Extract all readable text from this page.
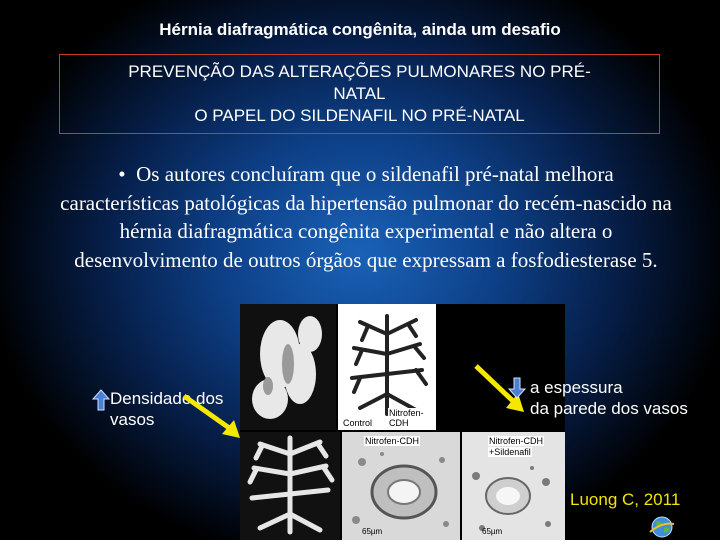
Hérnia diafragmática congênita, ainda um desafio
PREVENÇÃO DAS ALTERAÇÕES PULMONARES NO PRÉ-
NATAL
O PAPEL DO SILDENAFIL NO PRÉ-NATAL
• Os autores concluíram que o sildenafil pré-natal melhora características patológicas da hipertensão pulmonar do recém-nascido na hérnia diafragmática congênita experimental e não altera o desenvolvimento de outros órgãos que expressam a fosfodiesterase 5.
Control
Nitrofen-CDH
Nitrofen-CDH
65µm
Nitrofen-CDH
+Sildenafil
65µm
Densidade dos
vasos
a espessura
da parede dos vasos
Luong C, 2011
